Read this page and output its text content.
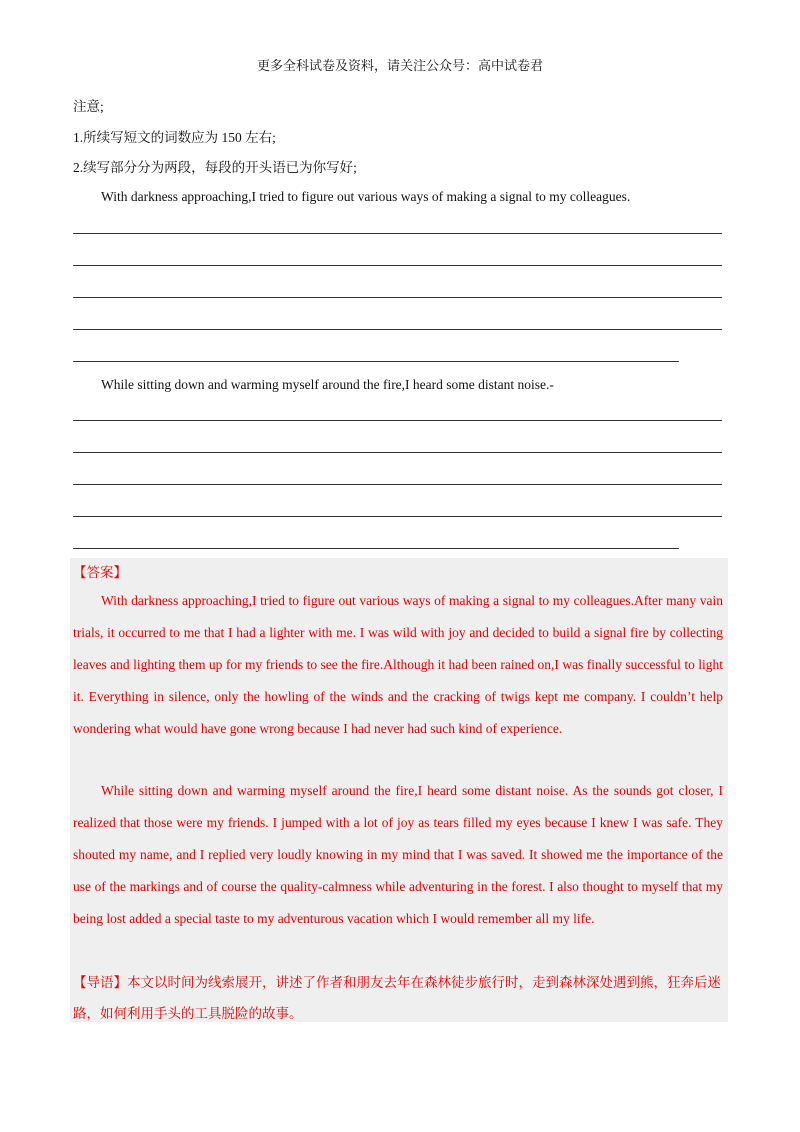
更多全科试卷及资料，请关注公众号：高中试卷君
注意;
1.所续写短文的词数应为 150 左右;
2.续写部分分为两段，每段的开头语已为你写好;
With darkness approaching,I tried to figure out various ways of making a signal to my colleagues.
While sitting down and warming myself around the fire,I heard some distant noise.-
【答案】

With darkness approaching,I tried to figure out various ways of making a signal to my colleagues.After many vain trials, it occurred to me that I had a lighter with me. I was wild with joy and decided to build a signal fire by collecting leaves and lighting them up for my friends to see the fire.Although it had been rained on,I was finally successful to light it. Everything in silence, only the howling of the winds and the cracking of twigs kept me company. I couldn’t help wondering what would have gone wrong because I had never had such kind of experience.

While sitting down and warming myself around the fire,I heard some distant noise. As the sounds got closer, I realized that those were my friends. I jumped with a lot of joy as tears filled my eyes because I knew I was safe. They shouted my name, and I replied very loudly knowing in my mind that I was saved. It showed me the importance of the use of the markings and of course the quality-calmness while adventuring in the forest. I also thought to myself that my being lost added a special taste to my adventurous vacation which I would remember all my life.

【导语】本文以时间为线索展开，讲述了作者和朋友去年在森林徒步旅行时，走到森林深处遇到熊，狂奔后迷路，如何利用手头的工具脱险的故事。
